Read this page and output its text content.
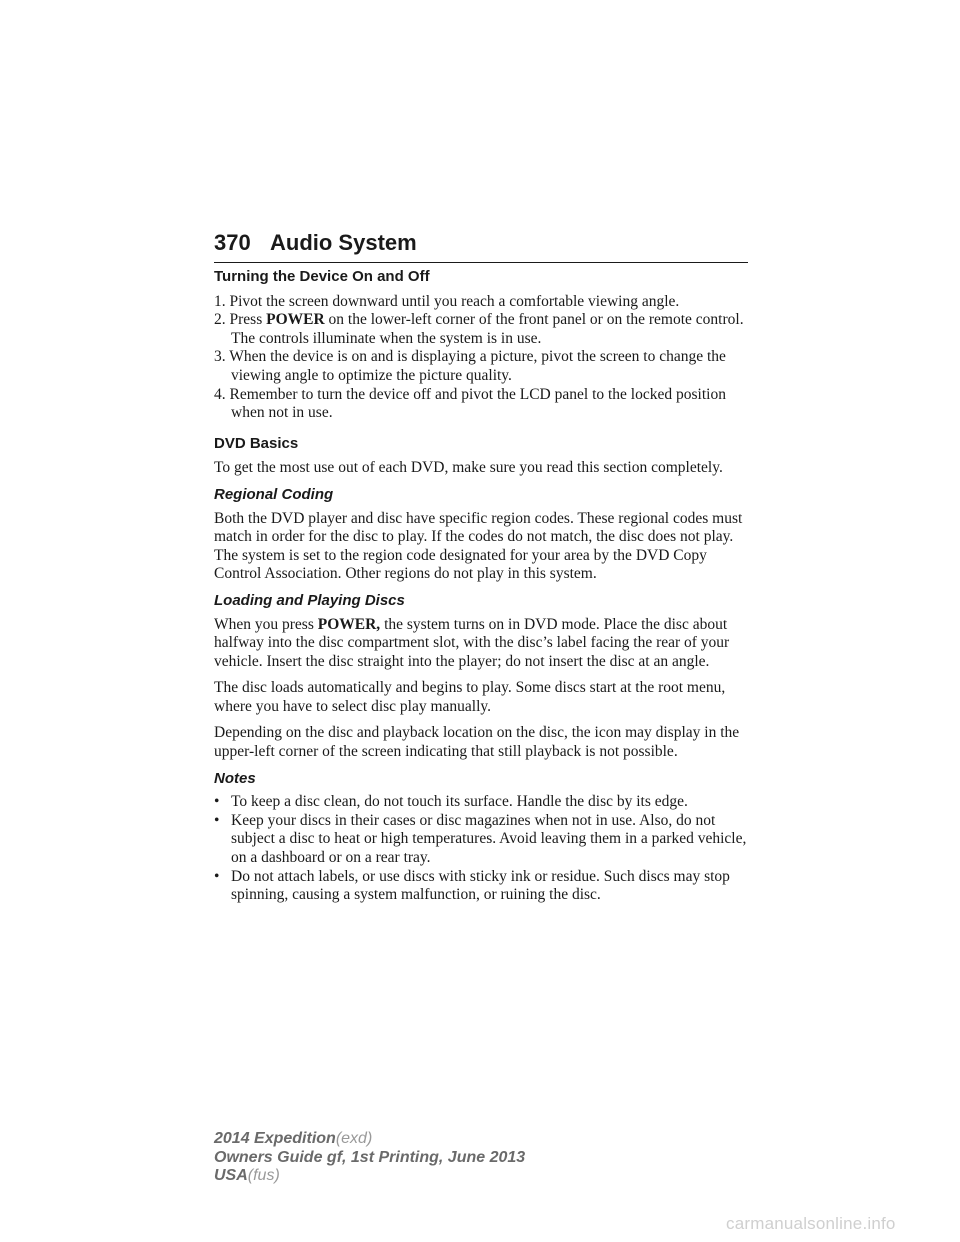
370 Audio System
Turning the Device On and Off
1. Pivot the screen downward until you reach a comfortable viewing angle.
2. Press POWER on the lower-left corner of the front panel or on the remote control. The controls illuminate when the system is in use.
3. When the device is on and is displaying a picture, pivot the screen to change the viewing angle to optimize the picture quality.
4. Remember to turn the device off and pivot the LCD panel to the locked position when not in use.
DVD Basics

To get the most use out of each DVD, make sure you read this section completely.

Regional Coding

Both the DVD player and disc have specific region codes. These regional codes must match in order for the disc to play. If the codes do not match, the disc does not play. The system is set to the region code designated for your area by the DVD Copy Control Association. Other regions do not play in this system.

Loading and Playing Discs

When you press POWER, the system turns on in DVD mode. Place the disc about halfway into the disc compartment slot, with the disc’s label facing the rear of your vehicle. Insert the disc straight into the player; do not insert the disc at an angle.

The disc loads automatically and begins to play. Some discs start at the root menu, where you have to select disc play manually.

Depending on the disc and playback location on the disc, the icon may display in the upper-left corner of the screen indicating that still playback is not possible.

Notes
• To keep a disc clean, do not touch its surface. Handle the disc by its edge.
• Keep your discs in their cases or disc magazines when not in use. Also, do not subject a disc to heat or high temperatures. Avoid leaving them in a parked vehicle, on a dashboard or on a rear tray.
• Do not attach labels, or use discs with sticky ink or residue. Such discs may stop spinning, causing a system malfunction, or ruining the disc.
2014 Expedition(exd)
Owners Guide gf, 1st Printing, June 2013
USA(fus)
carmanualsonline.info
